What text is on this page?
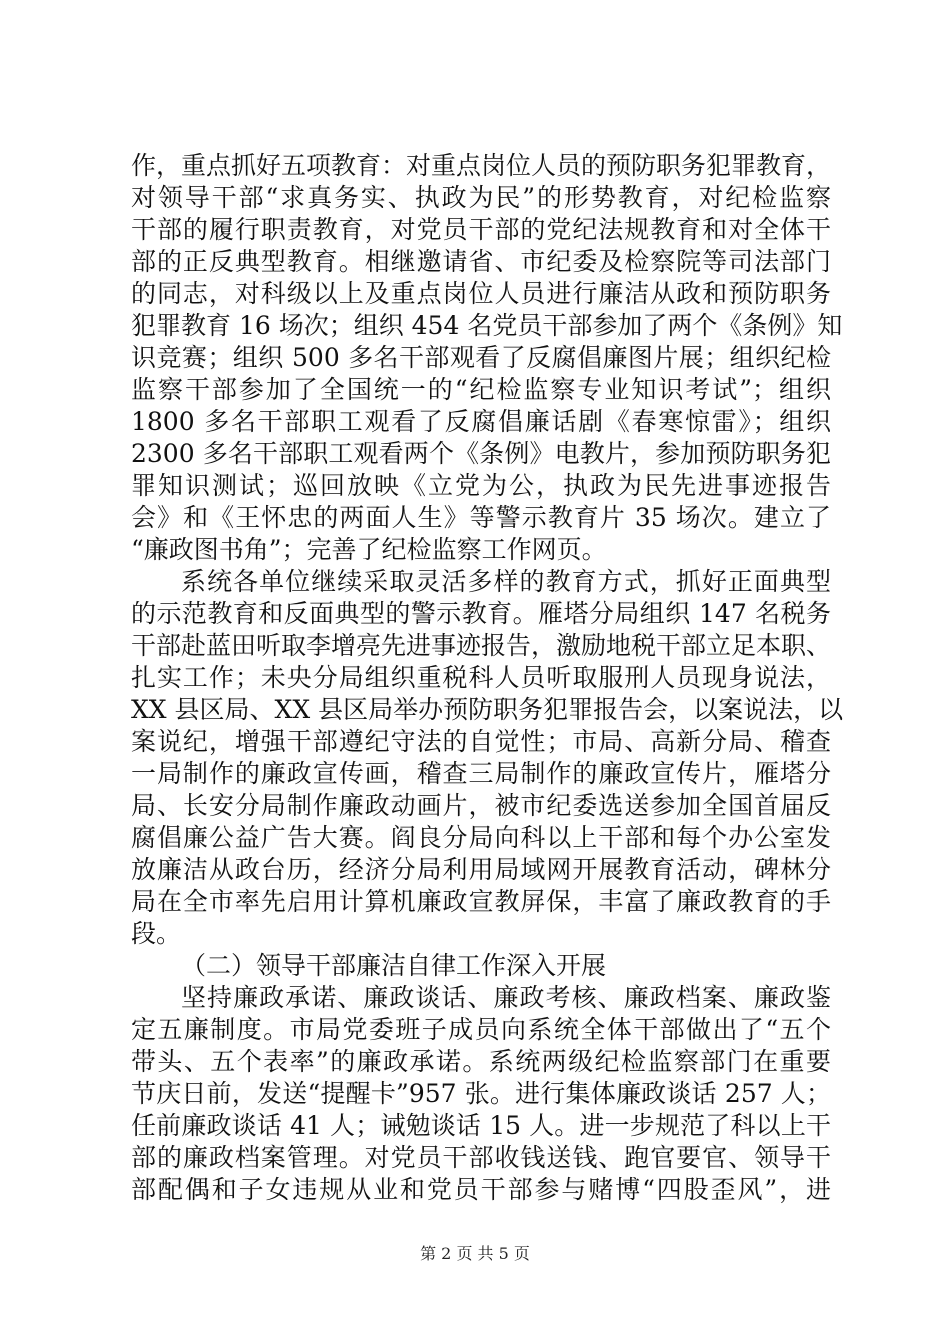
作，重点抓好五项教育：对重点岗位人员的预防职务犯罪教育，
对领导干部“求真务实、执政为民”的形势教育，对纪检监察
干部的履行职责教育，对党员干部的党纪法规教育和对全体干
部的正反典型教育。相继邀请省、市纪委及检察院等司法部门
的同志，对科级以上及重点岗位人员进行廉洁从政和预防职务
犯罪教育 16 场次；组织 454 名党员干部参加了两个《条例》知
识竞赛；组织 500 多名干部观看了反腐倡廉图片展；组织纪检
监察干部参加了全国统一的“纪检监察专业知识考试”；组织
1800 多名干部职工观看了反腐倡廉话剧《春寒惊雷》；组织
2300 多名干部职工观看两个《条例》电教片，参加预防职务犯
罪知识测试；巡回放映《立党为公，执政为民先进事迹报告
会》和《王怀忠的两面人生》等警示教育片 35 场次。建立了
“廉政图书角”；完善了纪检监察工作网页。
系统各单位继续采取灵活多样的教育方式，抓好正面典型
的示范教育和反面典型的警示教育。雁塔分局组织 147 名税务
干部赴蓝田听取李增亮先进事迹报告，激励地税干部立足本职、
扎实工作；未央分局组织重税科人员听取服刑人员现身说法，
XX 县区局、XX 县区局举办预防职务犯罪报告会，以案说法，以
案说纪，增强干部遵纪守法的自觉性；市局、高新分局、稽查
一局制作的廉政宣传画，稽查三局制作的廉政宣传片，雁塔分
局、长安分局制作廉政动画片，被市纪委选送参加全国首届反
腐倡廉公益广告大赛。阎良分局向科以上干部和每个办公室发
放廉洁从政台历，经济分局利用局域网开展教育活动，碑林分
局在全市率先启用计算机廉政宣教屏保，丰富了廉政教育的手
段。
（二）领导干部廉洁自律工作深入开展
坚持廉政承诺、廉政谈话、廉政考核、廉政档案、廉政鉴
定五廉制度。市局党委班子成员向系统全体干部做出了“五个
带头、五个表率”的廉政承诺。系统两级纪检监察部门在重要
节庆日前，发送“提醒卡”957 张。进行集体廉政谈话 257 人；
任前廉政谈话 41 人；诫勉谈话 15 人。进一步规范了科以上干
部的廉政档案管理。对党员干部收钱送钱、跑官要官、领导干
部配偶和子女违规从业和党员干部参与赌博“四股歪风”，进
第 2 页 共 5 页
